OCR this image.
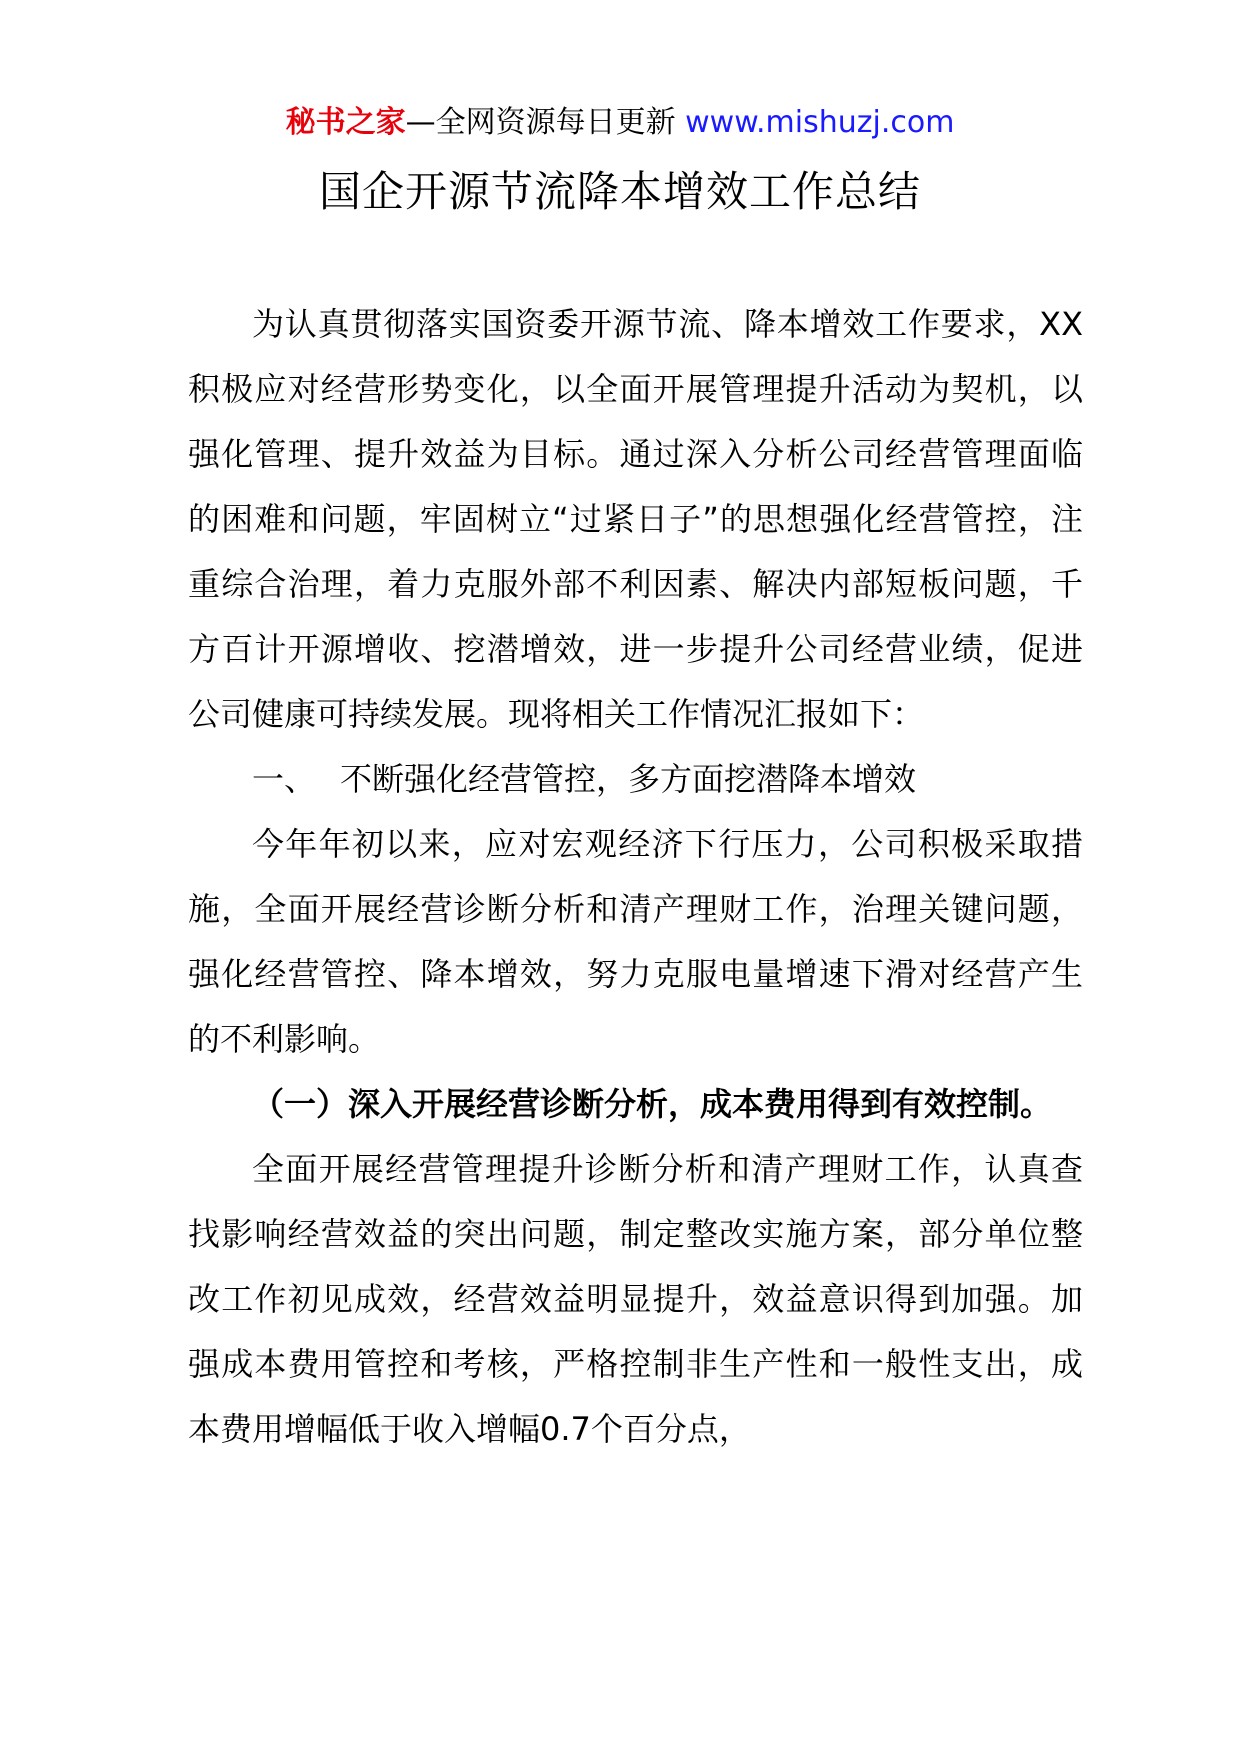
秘书之家—全网资源每日更新 www.mishuzj.com
国企开源节流降本增效工作总结

为认真贯彻落实国资委开源节流、降本增效工作要求，XX积极应对经营形势变化，以全面开展管理提升活动为契机，以强化管理、提升效益为目标。通过深入分析公司经营管理面临的困难和问题，牢固树立“过紧日子”的思想强化经营管控，注重综合治理，着力克服外部不利因素、解决内部短板问题，千方百计开源增收、挖潜增效，进一步提升公司经营业绩，促进公司健康可持续发展。现将相关工作情况汇报如下：

一、 不断强化经营管控，多方面挖潜降本增效

今年年初以来，应对宏观经济下行压力，公司积极采取措施，全面开展经营诊断分析和清产理财工作，治理关键问题，强化经营管控、降本增效，努力克服电量增速下滑对经营产生的不利影响。

（一）深入开展经营诊断分析，成本费用得到有效控制。

全面开展经营管理提升诊断分析和清产理财工作，认真查找影响经营效益的突出问题，制定整改实施方案，部分单位整改工作初见成效，经营效益明显提升，效益意识得到加强。加强成本费用管控和考核，严格控制非生产性和一般性支出，成本费用增幅低于收入增幅0.7个百分点，
